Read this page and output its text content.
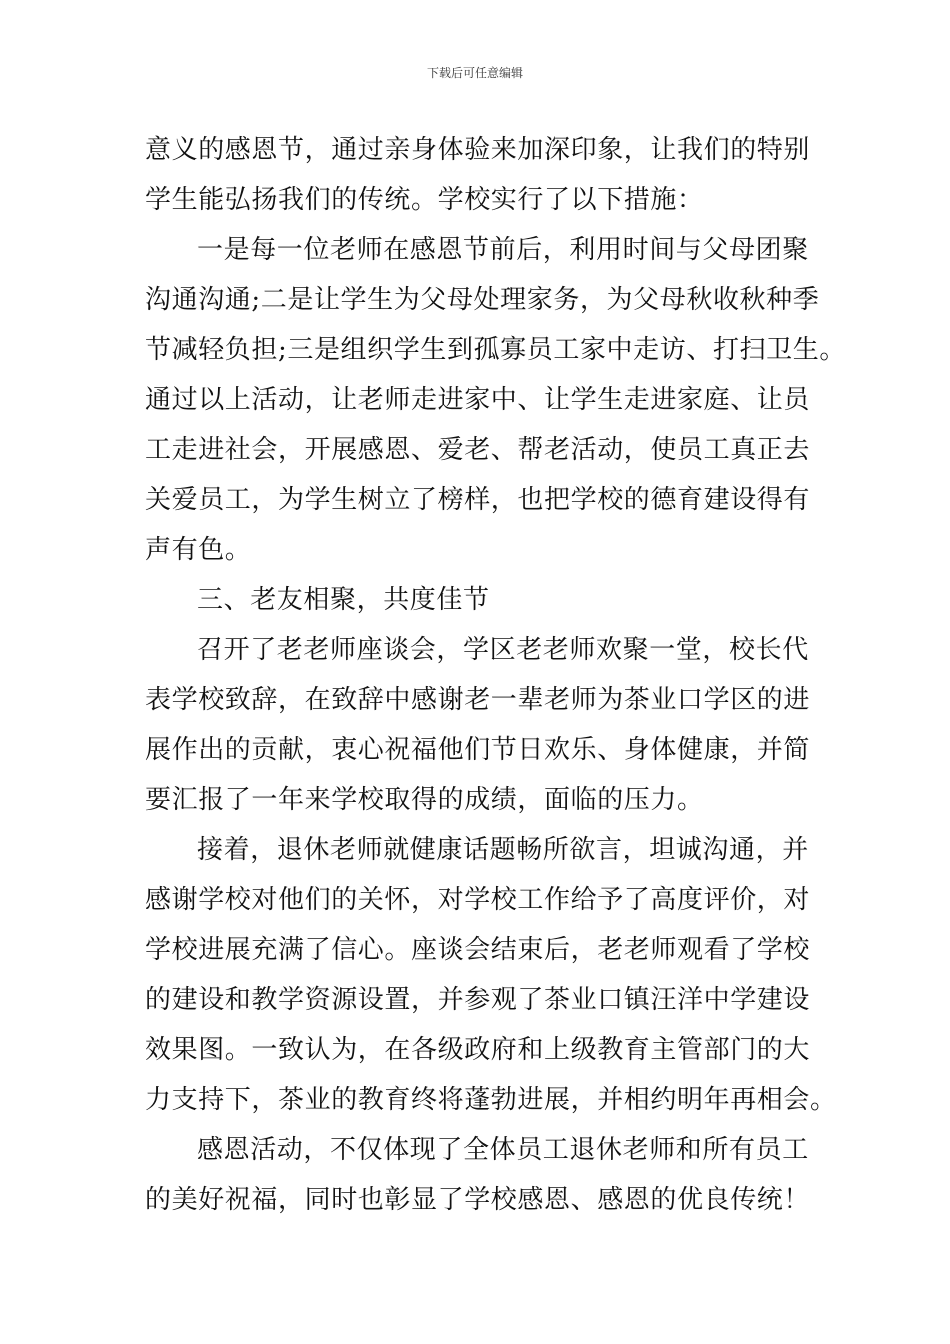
下载后可任意编辑
意义的感恩节，通过亲身体验来加深印象，让我们的特别
学生能弘扬我们的传统。学校实行了以下措施：
一是每一位老师在感恩节前后，利用时间与父母团聚
沟通沟通;二是让学生为父母处理家务，为父母秋收秋种季
节减轻负担;三是组织学生到孤寡员工家中走访、打扫卫生。
通过以上活动，让老师走进家中、让学生走进家庭、让员
工走进社会，开展感恩、爱老、帮老活动，使员工真正去
关爱员工，为学生树立了榜样，也把学校的德育建设得有
声有色。
三、老友相聚，共度佳节
召开了老老师座谈会，学区老老师欢聚一堂，校长代
表学校致辞，在致辞中感谢老一辈老师为茶业口学区的进
展作出的贡献，衷心祝福他们节日欢乐、身体健康，并简
要汇报了一年来学校取得的成绩，面临的压力。
接着，退休老师就健康话题畅所欲言，坦诚沟通，并
感谢学校对他们的关怀，对学校工作给予了高度评价，对
学校进展充满了信心。座谈会结束后，老老师观看了学校
的建设和教学资源设置，并参观了茶业口镇汪洋中学建设
效果图。一致认为，在各级政府和上级教育主管部门的大
力支持下，茶业的教育终将蓬勃进展，并相约明年再相会。
感恩活动，不仅体现了全体员工退休老师和所有员工
的美好祝福，同时也彰显了学校感恩、感恩的优良传统！
